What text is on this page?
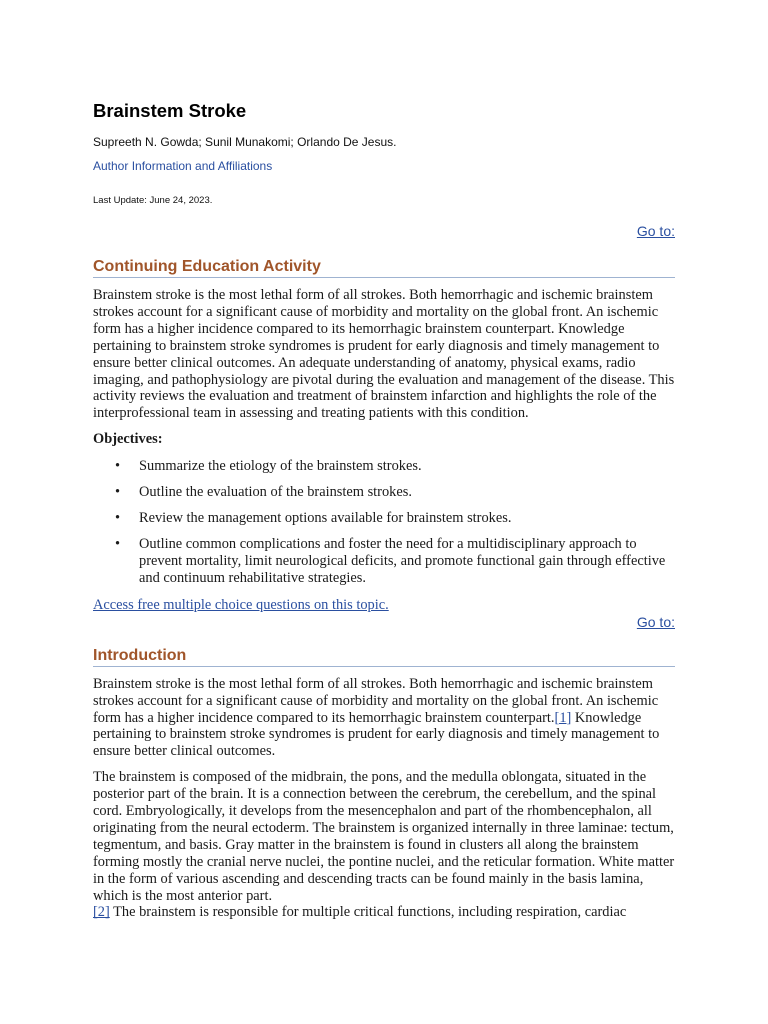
Brainstem Stroke

Supreeth N. Gowda; Sunil Munakomi; Orlando De Jesus.

Author Information and Affiliations
Last Update: June 24, 2023.
Go to:
Continuing Education Activity

Brainstem stroke is the most lethal form of all strokes. Both hemorrhagic and ischemic brainstem strokes account for a significant cause of morbidity and mortality on the global front. An ischemic form has a higher incidence compared to its hemorrhagic brainstem counterpart. Knowledge pertaining to brainstem stroke syndromes is prudent for early diagnosis and timely management to ensure better clinical outcomes. An adequate understanding of anatomy, physical exams, radio imaging, and pathophysiology are pivotal during the evaluation and management of the disease. This activity reviews the evaluation and treatment of brainstem infarction and highlights the role of the interprofessional team in assessing and treating patients with this condition.

Objectives:
• Summarize the etiology of the brainstem strokes.
• Outline the evaluation of the brainstem strokes.
• Review the management options available for brainstem strokes.
• Outline common complications and foster the need for a multidisciplinary approach to prevent mortality, limit neurological deficits, and promote functional gain through effective and continuum rehabilitative strategies.
Access free multiple choice questions on this topic.
Go to:
Introduction

Brainstem stroke is the most lethal form of all strokes. Both hemorrhagic and ischemic brainstem strokes account for a significant cause of morbidity and mortality on the global front. An ischemic form has a higher incidence compared to its hemorrhagic brainstem counterpart.[1] Knowledge pertaining to brainstem stroke syndromes is prudent for early diagnosis and timely management to ensure better clinical outcomes.

The brainstem is composed of the midbrain, the pons, and the medulla oblongata, situated in the posterior part of the brain. It is a connection between the cerebrum, the cerebellum, and the spinal cord. Embryologically, it develops from the mesencephalon and part of the rhombencephalon, all originating from the neural ectoderm. The brainstem is organized internally in three laminae: tectum, tegmentum, and basis. Gray matter in the brainstem is found in clusters all along the brainstem forming mostly the cranial nerve nuclei, the pontine nuclei, and the reticular formation. White matter in the form of various ascending and descending tracts can be found mainly in the basis lamina, which is the most anterior part.
[2] The brainstem is responsible for multiple critical functions, including respiration, cardiac
